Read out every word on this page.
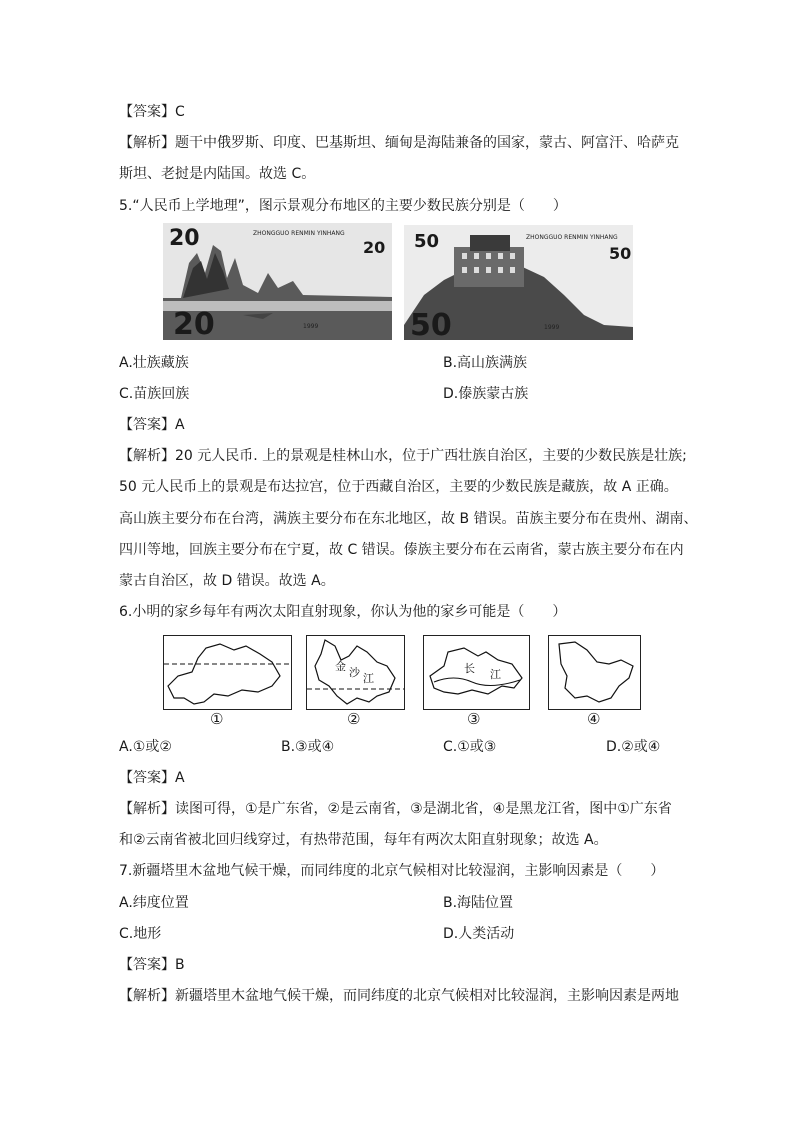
【答案】C
【解析】题干中俄罗斯、印度、巴基斯坦、缅甸是海陆兼备的国家，蒙古、阿富汗、哈萨克
斯坦、老挝是内陆国。故选 C。
5.“人民币上学地理”，图示景观分布地区的主要少数民族分别是（　　）
20
20
ZHONGGUO RENMIN YINHANG
20
1999
50
50
ZHONGGUO RENMIN YINHANG
50
1999
A.壮族藏族	B.高山族满族
C.苗族回族	D.傣族蒙古族
【答案】A
【解析】20 元人民币. 上的景观是桂林山水，位于广西壮族自治区，主要的少数民族是壮族;
50 元人民币上的景观是布达拉宫，位于西藏自治区，主要的少数民族是藏族，故 A 正确。
高山族主要分布在台湾，满族主要分布在东北地区，故 B 错误。苗族主要分布在贵州、湖南、
四川等地，回族主要分布在宁夏，故 C 错误。傣族主要分布在云南省，蒙古族主要分布在内
蒙古自治区，故 D 错误。故选 A。
6.小明的家乡每年有两次太阳直射现象，你认为他的家乡可能是（　　）
①
金 沙 江
②
长 江
③	④
A.①或②	B.③或④	C.①或③	D.②或④
【答案】A
【解析】读图可得，①是广东省，②是云南省，③是湖北省，④是黑龙江省，图中①广东省
和②云南省被北回归线穿过，有热带范围，每年有两次太阳直射现象；故选 A。
7.新疆塔里木盆地气候干燥，而同纬度的北京气候相对比较湿润，主影响因素是（　　）
A.纬度位置	B.海陆位置
C.地形	D.人类活动
【答案】B
【解析】新疆塔里木盆地气候干燥，而同纬度的北京气候相对比较湿润，主影响因素是两地
